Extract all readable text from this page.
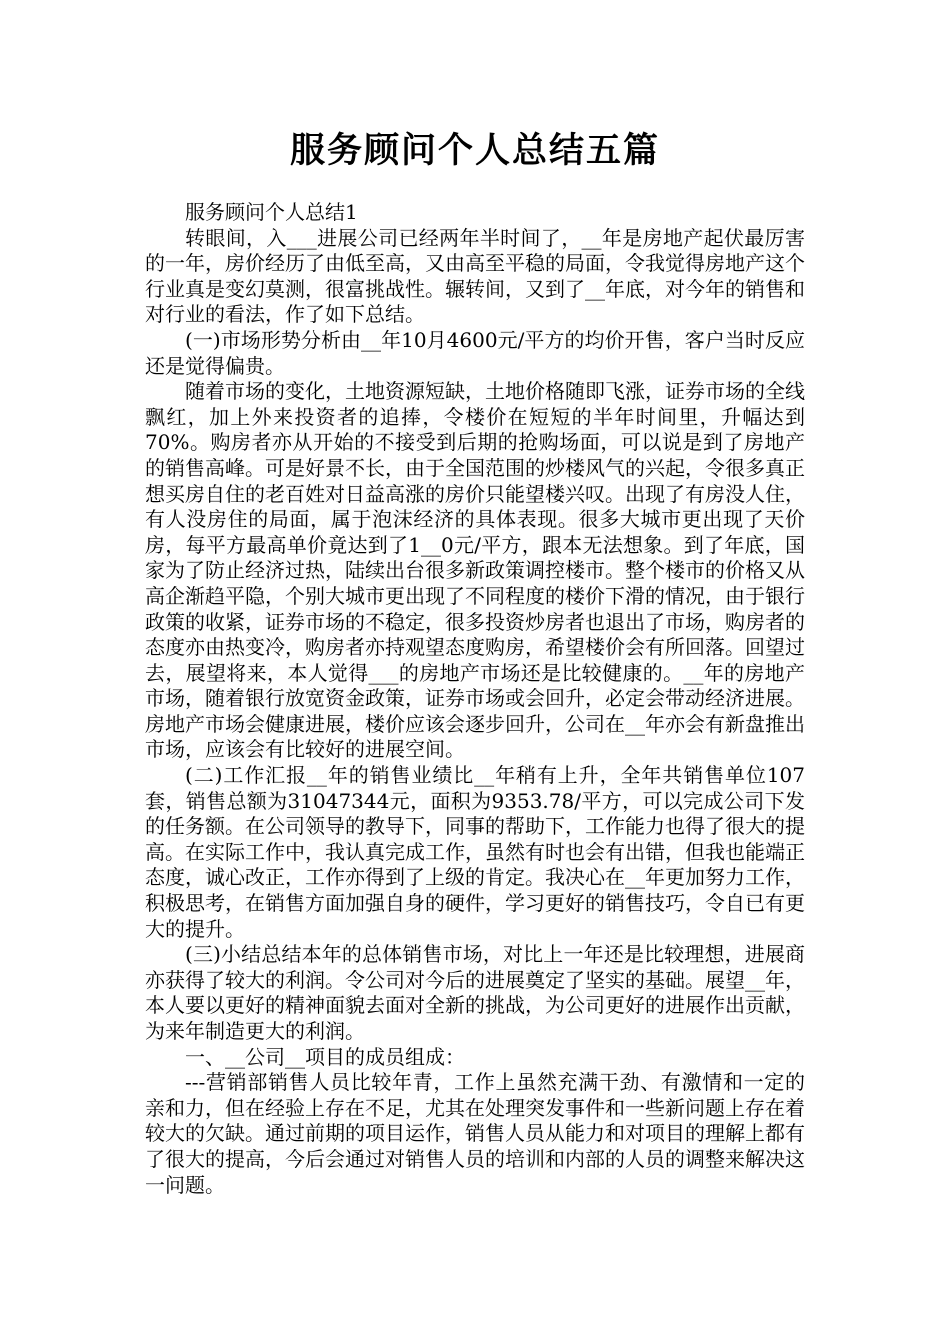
服务顾问个人总结五篇

服务顾问个人总结1

转眼间，入___进展公司已经两年半时间了，__年是房地产起伏最厉害的一年，房价经历了由低至高，又由高至平稳的局面，令我觉得房地产这个行业真是变幻莫测，很富挑战性。辗转间，又到了__年底，对今年的销售和对行业的看法，作了如下总结。

(一)市场形势分析由__年10月4600元/平方的均价开售，客户当时反应还是觉得偏贵。

随着市场的变化，土地资源短缺，土地价格随即飞涨，证券市场的全线飘红，加上外来投资者的追捧，令楼价在短短的半年时间里，升幅达到70%。购房者亦从开始的不接受到后期的抢购场面，可以说是到了房地产的销售高峰。可是好景不长，由于全国范围的炒楼风气的兴起，令很多真正想买房自住的老百姓对日益高涨的房价只能望楼兴叹。出现了有房没人住，有人没房住的局面，属于泡沫经济的具体表现。很多大城市更出现了天价房，每平方最高单价竟达到了1__0元/平方，跟本无法想象。到了年底，国家为了防止经济过热，陆续出台很多新政策调控楼市。整个楼市的价格又从高企渐趋平隐，个别大城市更出现了不同程度的楼价下滑的情况，由于银行政策的收紧，证券市场的不稳定，很多投资炒房者也退出了市场，购房者的态度亦由热变冷，购房者亦持观望态度购房，希望楼价会有所回落。回望过去，展望将来，本人觉得___的房地产市场还是比较健康的。__年的房地产市场，随着银行放宽资金政策，证券市场或会回升，必定会带动经济进展。房地产市场会健康进展，楼价应该会逐步回升，公司在__年亦会有新盘推出市场，应该会有比较好的进展空间。

(二)工作汇报__年的销售业绩比__年稍有上升，全年共销售单位107套，销售总额为31047344元，面积为9353.78/平方，可以完成公司下发的任务额。在公司领导的教导下，同事的帮助下，工作能力也得了很大的提高。在实际工作中，我认真完成工作，虽然有时也会有出错，但我也能端正态度，诚心改正，工作亦得到了上级的肯定。我决心在__年更加努力工作，积极思考，在销售方面加强自身的硬件，学习更好的销售技巧，令自已有更大的提升。

(三)小结总结本年的总体销售市场，对比上一年还是比较理想，进展商亦获得了较大的利润。令公司对今后的进展奠定了坚实的基础。展望__年，本人要以更好的精神面貌去面对全新的挑战，为公司更好的进展作出贡献，为来年制造更大的利润。

一、__公司__项目的成员组成：

---营销部销售人员比较年青，工作上虽然充满干劲、有激情和一定的亲和力，但在经验上存在不足，尤其在处理突发事件和一些新问题上存在着较大的欠缺。通过前期的项目运作，销售人员从能力和对项目的理解上都有了很大的提高，今后会通过对销售人员的培训和内部的人员的调整来解决这一问题。
